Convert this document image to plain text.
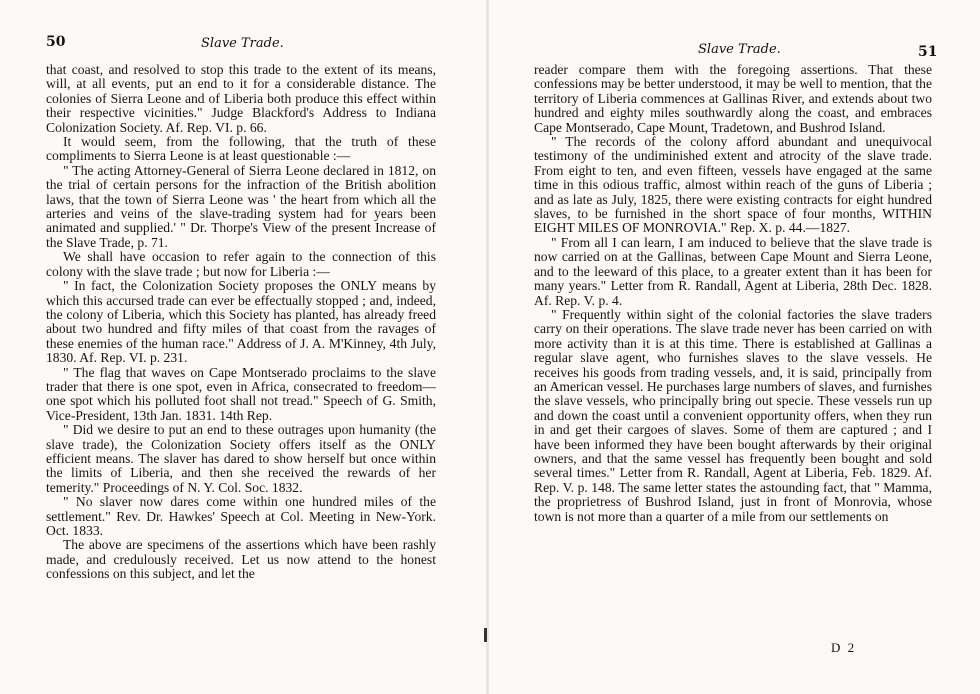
50	Slave Trade.

that coast, and resolved to stop this trade to the extent of its means, will, at all events, put an end to it for a considerable distance. The colonies of Sierra Leone and of Liberia both produce this effect within their respective vicinities." Judge Blackford's Address to Indiana Colonization Society. Af. Rep. VI. p. 66.

It would seem, from the following, that the truth of these compliments to Sierra Leone is at least questionable :—

" The acting Attorney-General of Sierra Leone declared in 1812, on the trial of certain persons for the infraction of the British abolition laws, that the town of Sierra Leone was ' the heart from which all the arteries and veins of the slave-trading system had for years been animated and supplied.' " Dr. Thorpe's View of the present Increase of the Slave Trade, p. 71.

We shall have occasion to refer again to the connection of this colony with the slave trade ; but now for Liberia :—

" In fact, the Colonization Society proposes the ONLY means by which this accursed trade can ever be effectually stopped ; and, indeed, the colony of Liberia, which this Society has planted, has already freed about two hundred and fifty miles of that coast from the ravages of these enemies of the human race." Address of J. A. M'Kinney, 4th July, 1830. Af. Rep. VI. p. 231.

" The flag that waves on Cape Montserado proclaims to the slave trader that there is one spot, even in Africa, consecrated to freedom—one spot which his polluted foot shall not tread." Speech of G. Smith, Vice-President, 13th Jan. 1831. 14th Rep.

" Did we desire to put an end to these outrages upon humanity (the slave trade), the Colonization Society offers itself as the ONLY efficient means. The slaver has dared to show herself but once within the limits of Liberia, and then she received the rewards of her temerity." Proceedings of N. Y. Col. Soc. 1832.

" No slaver now dares come within one hundred miles of the settlement." Rev. Dr. Hawkes' Speech at Col. Meeting in New-York. Oct. 1833.

The above are specimens of the assertions which have been rashly made, and credulously received. Let us now attend to the honest confessions on this subject, and let the

Slave Trade.	51

reader compare them with the foregoing assertions. That these confessions may be better understood, it may be well to mention, that the territory of Liberia commences at Gallinas River, and extends about two hundred and eighty miles southwardly along the coast, and embraces Cape Montserado, Cape Mount, Tradetown, and Bushrod Island.

" The records of the colony afford abundant and unequivocal testimony of the undiminished extent and atrocity of the slave trade. From eight to ten, and even fifteen, vessels have engaged at the same time in this odious traffic, almost within reach of the guns of Liberia ; and as late as July, 1825, there were existing contracts for eight hundred slaves, to be furnished in the short space of four months, WITHIN EIGHT MILES OF MONROVIA." Rep. X. p. 44.—1827.

" From all I can learn, I am induced to believe that the slave trade is now carried on at the Gallinas, between Cape Mount and Sierra Leone, and to the leeward of this place, to a greater extent than it has been for many years." Letter from R. Randall, Agent at Liberia, 28th Dec. 1828. Af. Rep. V. p. 4.

" Frequently within sight of the colonial factories the slave traders carry on their operations. The slave trade never has been carried on with more activity than it is at this time. There is established at Gallinas a regular slave agent, who furnishes slaves to the slave vessels. He receives his goods from trading vessels, and, it is said, principally from an American vessel. He purchases large numbers of slaves, and furnishes the slave vessels, who principally bring out specie. These vessels run up and down the coast until a convenient opportunity offers, when they run in and get their cargoes of slaves. Some of them are captured ; and I have been informed they have been bought afterwards by their original owners, and that the same vessel has frequently been bought and sold several times." Letter from R. Randall, Agent at Liberia, Feb. 1829. Af. Rep. V. p. 148. The same letter states the astounding fact, that " Mamma, the proprietress of Bushrod Island, just in front of Monrovia, whose town is not more than a quarter of a mile from our settlements on

D 2
